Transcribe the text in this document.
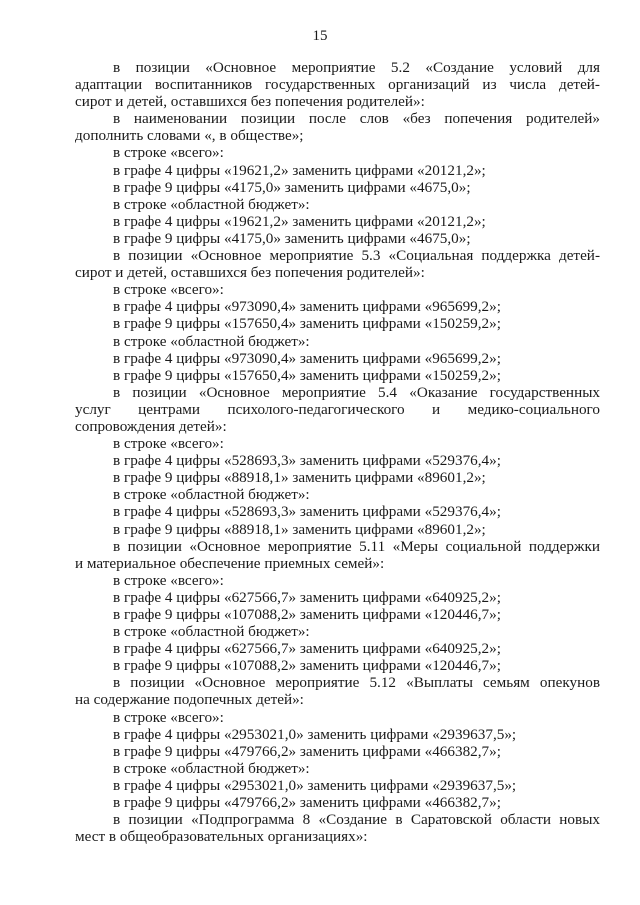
15
в позиции «Основное мероприятие 5.2 «Создание условий для
адаптации воспитанников государственных организаций из числа детей-
сирот и детей, оставшихся без попечения родителей»:
в наименовании позиции после слов «без попечения родителей»
дополнить словами «, в обществе»;
в строке «всего»:
в графе 4 цифры «19621,2» заменить цифрами «20121,2»;
в графе 9 цифры «4175,0» заменить цифрами «4675,0»;
в строке «областной бюджет»:
в графе 4 цифры «19621,2» заменить цифрами «20121,2»;
в графе 9 цифры «4175,0» заменить цифрами «4675,0»;
в позиции «Основное мероприятие 5.3 «Социальная поддержка детей-
сирот и детей, оставшихся без попечения родителей»:
в строке «всего»:
в графе 4 цифры «973090,4» заменить цифрами «965699,2»;
в графе 9 цифры «157650,4» заменить цифрами «150259,2»;
в строке «областной бюджет»:
в графе 4 цифры «973090,4» заменить цифрами «965699,2»;
в графе 9 цифры «157650,4» заменить цифрами «150259,2»;
в позиции «Основное мероприятие 5.4 «Оказание государственных
услуг центрами психолого-педагогического и медико-социального
сопровождения детей»:
в строке «всего»:
в графе 4 цифры «528693,3» заменить цифрами «529376,4»;
в графе 9 цифры «88918,1» заменить цифрами «89601,2»;
в строке «областной бюджет»:
в графе 4 цифры «528693,3» заменить цифрами «529376,4»;
в графе 9 цифры «88918,1» заменить цифрами «89601,2»;
в позиции «Основное мероприятие 5.11 «Меры социальной поддержки
и материальное обеспечение приемных семей»:
в строке «всего»:
в графе 4 цифры «627566,7» заменить цифрами «640925,2»;
в графе 9 цифры «107088,2» заменить цифрами «120446,7»;
в строке «областной бюджет»:
в графе 4 цифры «627566,7» заменить цифрами «640925,2»;
в графе 9 цифры «107088,2» заменить цифрами «120446,7»;
в позиции «Основное мероприятие 5.12 «Выплаты семьям опекунов
на содержание подопечных детей»:
в строке «всего»:
в графе 4 цифры «2953021,0» заменить цифрами «2939637,5»;
в графе 9 цифры «479766,2» заменить цифрами «466382,7»;
в строке «областной бюджет»:
в графе 4 цифры «2953021,0» заменить цифрами «2939637,5»;
в графе 9 цифры «479766,2» заменить цифрами «466382,7»;
в позиции «Подпрограмма 8 «Создание в Саратовской области новых
мест в общеобразовательных организациях»:
